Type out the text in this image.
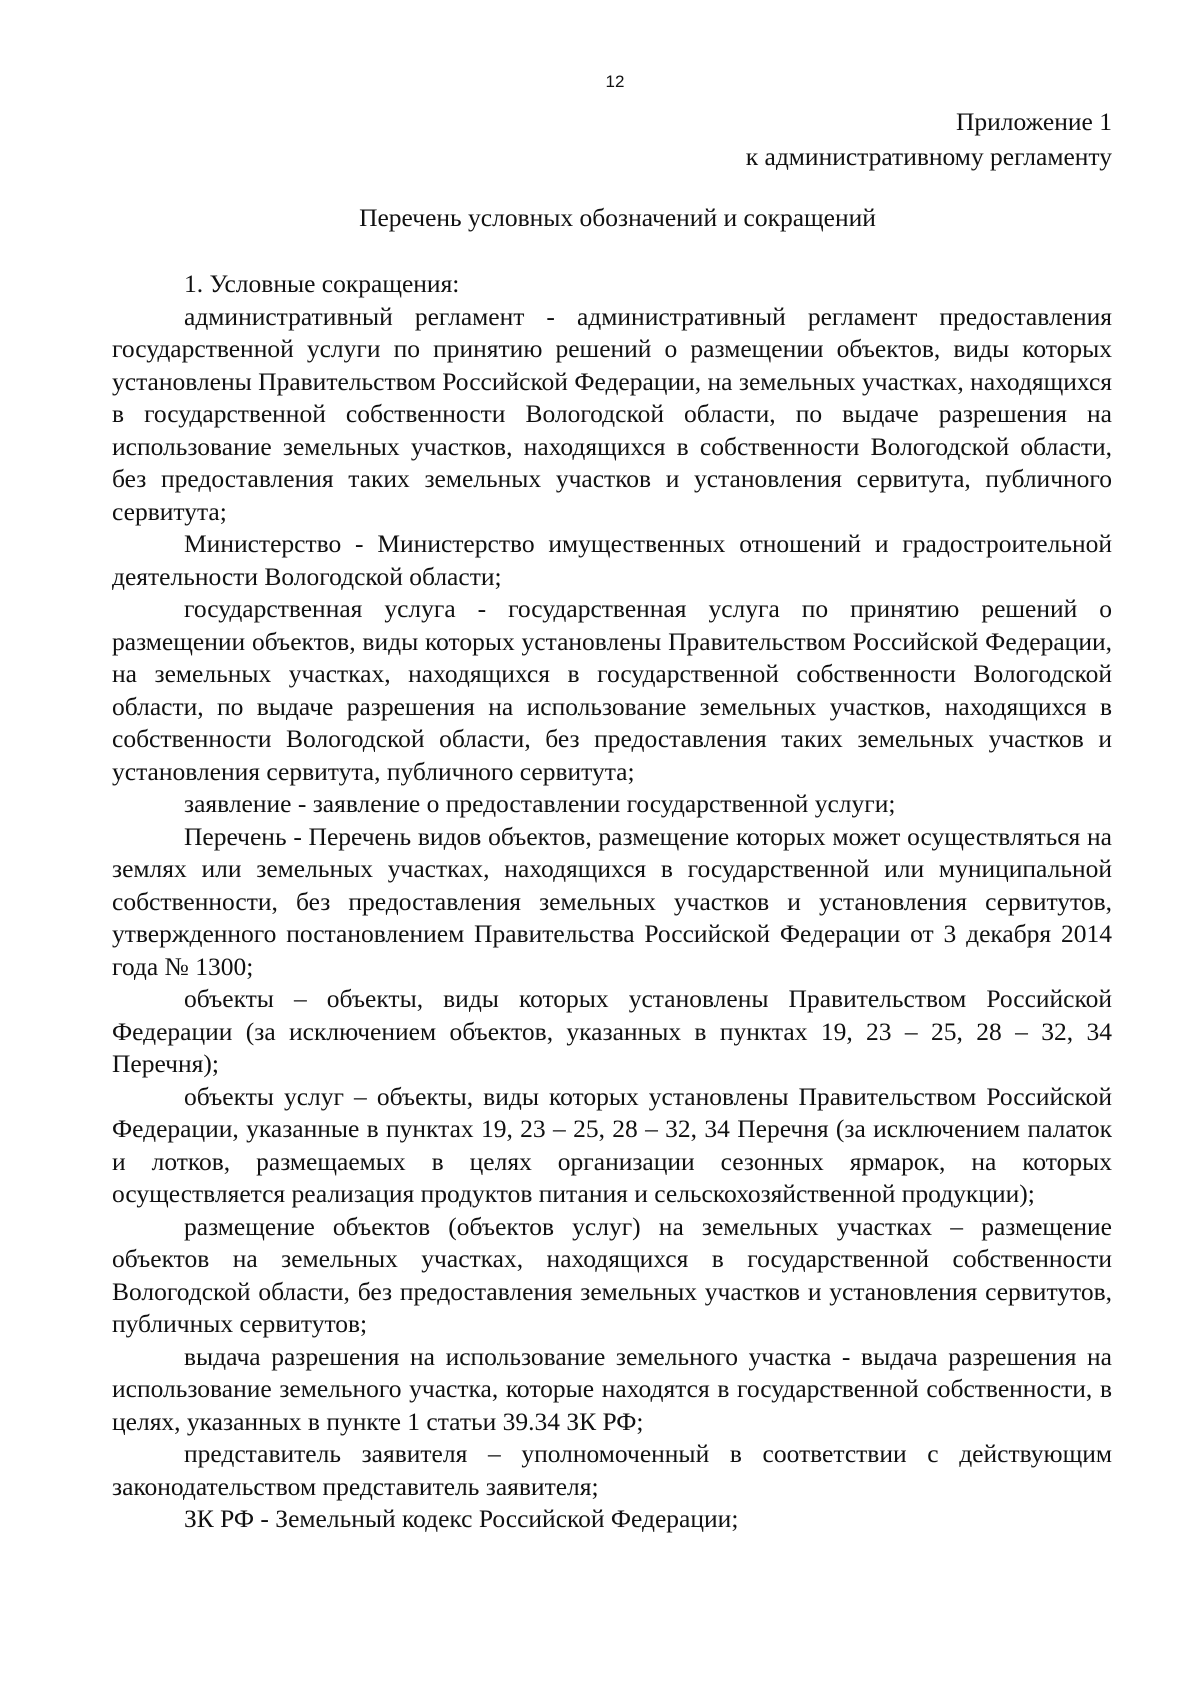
12
Приложение 1
к административному регламенту
Перечень условных обозначений и сокращений

1. Условные сокращения:

административный регламент - административный регламент предоставления государственной услуги по принятию решений о размещении объектов, виды которых установлены Правительством Российской Федерации, на земельных участках, находящихся в государственной собственности Вологодской области, по выдаче разрешения на использование земельных участков, находящихся в собственности Вологодской области, без предоставления таких земельных участков и установления сервитута, публичного сервитута;

Министерство - Министерство имущественных отношений и градостроительной деятельности Вологодской области;

государственная услуга - государственная услуга по принятию решений о размещении объектов, виды которых установлены Правительством Российской Федерации, на земельных участках, находящихся в государственной собственности Вологодской области, по выдаче разрешения на использование земельных участков, находящихся в собственности Вологодской области, без предоставления таких земельных участков и установления сервитута, публичного сервитута;

заявление - заявление о предоставлении государственной услуги;

Перечень - Перечень видов объектов, размещение которых может осуществляться на землях или земельных участках, находящихся в государственной или муниципальной собственности, без предоставления земельных участков и установления сервитутов, утвержденного постановлением Правительства Российской Федерации от 3 декабря 2014 года № 1300;

объекты – объекты, виды которых установлены Правительством Российской Федерации (за исключением объектов, указанных в пунктах 19, 23 – 25, 28 – 32, 34 Перечня);

объекты услуг – объекты, виды которых установлены Правительством Российской Федерации, указанные в пунктах 19, 23 – 25, 28 – 32, 34 Перечня (за исключением палаток и лотков, размещаемых в целях организации сезонных ярмарок, на которых осуществляется реализация продуктов питания и сельскохозяйственной продукции);

размещение объектов (объектов услуг) на земельных участках – размещение объектов на земельных участках, находящихся в государственной собственности Вологодской области, без предоставления земельных участков и установления сервитутов, публичных сервитутов;

выдача разрешения на использование земельного участка - выдача разрешения на использование земельного участка, которые находятся в государственной собственности, в целях, указанных в пункте 1 статьи 39.34 ЗК РФ;

представитель заявителя – уполномоченный в соответствии с действующим законодательством представитель заявителя;

ЗК РФ - Земельный кодекс Российской Федерации;
